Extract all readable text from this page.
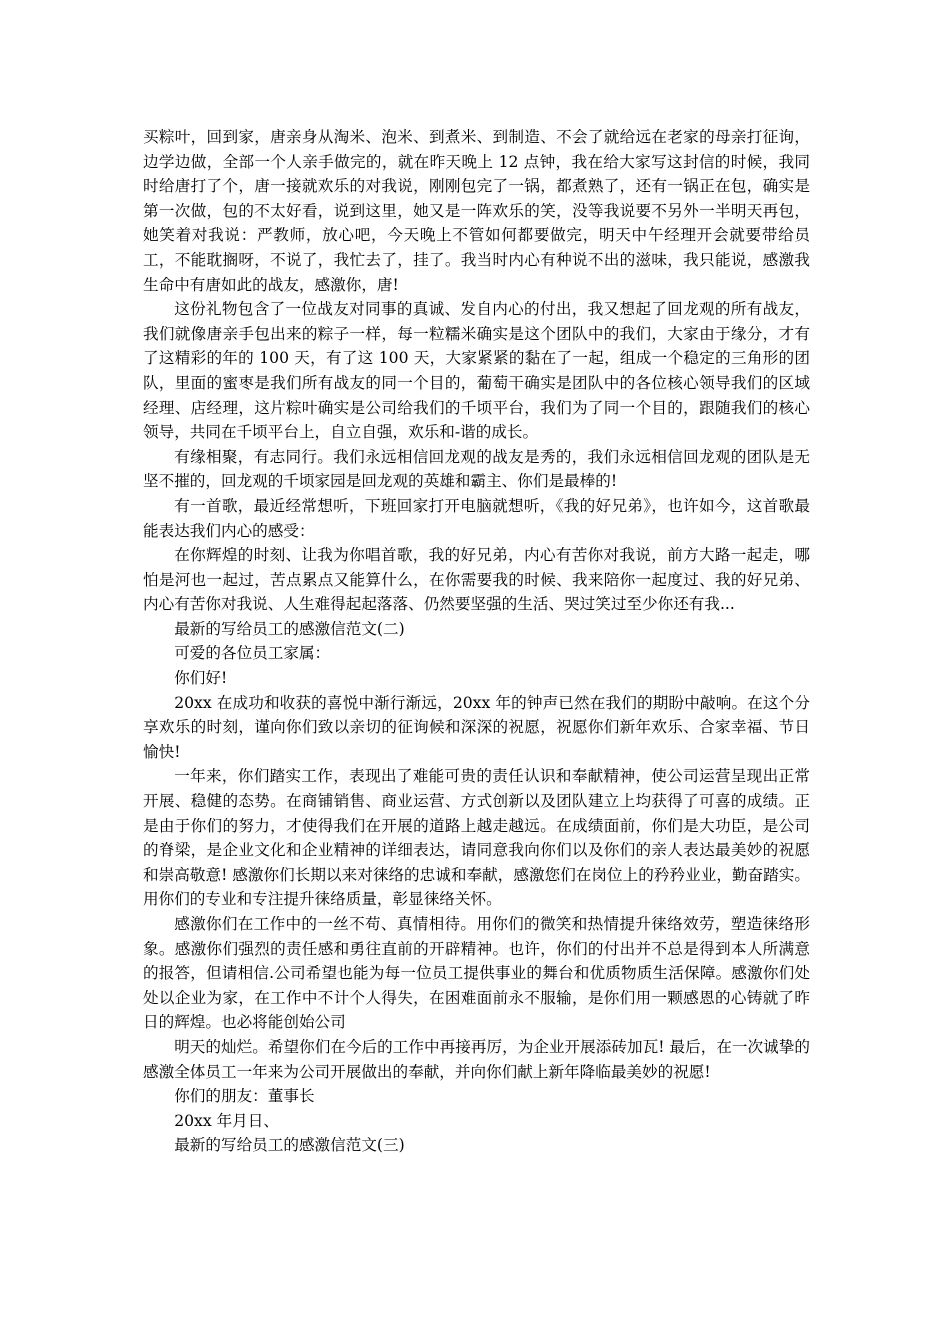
买粽叶，回到家，唐亲身从淘米、泡米、到煮米、到制造、不会了就给远在老家的母亲打征询，边学边做，全部一个人亲手做完的，就在昨天晚上 12 点钟，我在给大家写这封信的时候，我同时给唐打了个，唐一接就欢乐的对我说，刚刚包完了一锅，都煮熟了，还有一锅正在包，确实是第一次做，包的不太好看，说到这里，她又是一阵欢乐的笑，没等我说要不另外一半明天再包，她笑着对我说：严教师，放心吧，今天晚上不管如何都要做完，明天中午经理开会就要带给员工，不能耽搁呀，不说了，我忙去了，挂了。我当时内心有种说不出的滋味，我只能说，感激我生命中有唐如此的战友，感激你，唐!

这份礼物包含了一位战友对同事的真诚、发自内心的付出，我又想起了回龙观的所有战友，我们就像唐亲手包出来的粽子一样，每一粒糯米确实是这个团队中的我们，大家由于缘分，才有了这精彩的年的 100 天，有了这 100 天，大家紧紧的黏在了一起，组成一个稳定的三角形的团队，里面的蜜枣是我们所有战友的同一个目的，葡萄干确实是团队中的各位核心领导我们的区域经理、店经理，这片粽叶确实是公司给我们的千顷平台，我们为了同一个目的，跟随我们的核心领导，共同在千顷平台上，自立自强，欢乐和-谐的成长。

有缘相聚，有志同行。我们永远相信回龙观的战友是秀的，我们永远相信回龙观的团队是无坚不摧的，回龙观的千顷家园是回龙观的英雄和霸主、你们是最棒的!

有一首歌，最近经常想听，下班回家打开电脑就想听，《我的好兄弟》，也许如今，这首歌最能表达我们内心的感受：

在你辉煌的时刻、让我为你唱首歌，我的好兄弟，内心有苦你对我说，前方大路一起走，哪怕是河也一起过，苦点累点又能算什么，在你需要我的时候、我来陪你一起度过、我的好兄弟、内心有苦你对我说、人生难得起起落落、仍然要坚强的生活、哭过笑过至少你还有我...

最新的写给员工的感激信范文(二)

可爱的各位员工家属：

你们好!

20xx 在成功和收获的喜悦中渐行渐远，20xx 年的钟声已然在我们的期盼中敲响。在这个分享欢乐的时刻，谨向你们致以亲切的征询候和深深的祝愿，祝愿你们新年欢乐、合家幸福、节日愉快!

一年来，你们踏实工作，表现出了难能可贵的责任认识和奉献精神，使公司运营呈现出正常开展、稳健的态势。在商铺销售、商业运营、方式创新以及团队建立上均获得了可喜的成绩。正是由于你们的努力，才使得我们在开展的道路上越走越远。在成绩面前，你们是大功臣，是公司的脊梁，是企业文化和企业精神的详细表达，请同意我向你们以及你们的亲人表达最美妙的祝愿和崇高敬意! 感激你们长期以来对徕络的忠诚和奉献，感激您们在岗位上的矜矜业业，勤奋踏实。用你们的专业和专注提升徕络质量，彰显徕络关怀。

感激你们在工作中的一丝不苟、真情相待。用你们的微笑和热情提升徕络效劳，塑造徕络形象。感激你们强烈的责任感和勇往直前的开辟精神。也许，你们的付出并不总是得到本人所满意的报答，但请相信.公司希望也能为每一位员工提供事业的舞台和优质物质生活保障。感激你们处处以企业为家，在工作中不计个人得失，在困难面前永不服输，是你们用一颗感恩的心铸就了昨日的辉煌。也必将能创始公司

明天的灿烂。希望你们在今后的工作中再接再厉，为企业开展添砖加瓦! 最后，在一次诚挚的感激全体员工一年来为公司开展做出的奉献，并向你们献上新年降临最美妙的祝愿!

你们的朋友：董事长

20xx 年月日、

最新的写给员工的感激信范文(三)
